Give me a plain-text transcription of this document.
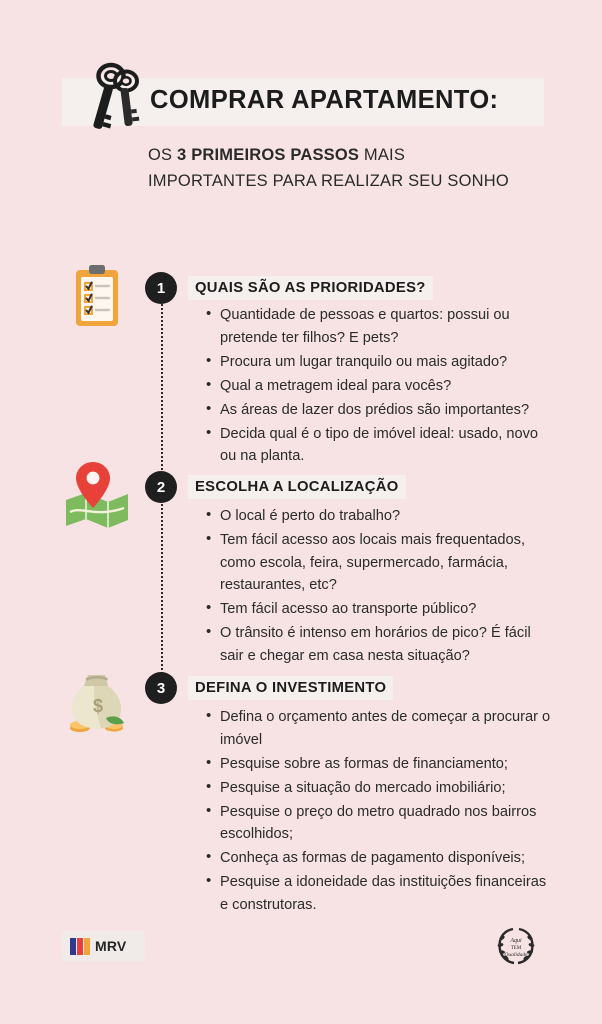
COMPRAR APARTAMENTO:
OS 3 PRIMEIROS PASSOS MAIS
IMPORTANTES PARA REALIZAR SEU SONHO
1	QUAIS SÃO AS PRIORIDADES?
• Quantidade de pessoas e quartos: possui ou pretende ter filhos? E pets?
• Procura um lugar tranquilo ou mais agitado?
• Qual a metragem ideal para vocês?
• As áreas de lazer dos prédios são importantes?
• Decida qual é o tipo de imóvel ideal: usado, novo ou na planta.
2	ESCOLHA A LOCALIZAÇÃO
• O local é perto do trabalho?
• Tem fácil acesso aos locais mais frequentados, como escola, feira, supermercado, farmácia, restaurantes, etc?
• Tem fácil acesso ao transporte público?
• O trânsito é intenso em horários de pico? É fácil sair e chegar em casa nesta situação?
$
3	DEFINA O INVESTIMENTO
• Defina o orçamento antes de começar a procurar o imóvel
• Pesquise sobre as formas de financiamento;
• Pesquise a situação do mercado imobiliário;
• Pesquise o preço do metro quadrado nos bairros escolhidos;
• Conheça as formas de pagamento disponíveis;
• Pesquise a idoneidade das instituições financeiras e construtoras.
MRV	Aqui
TEM
Qualidade
